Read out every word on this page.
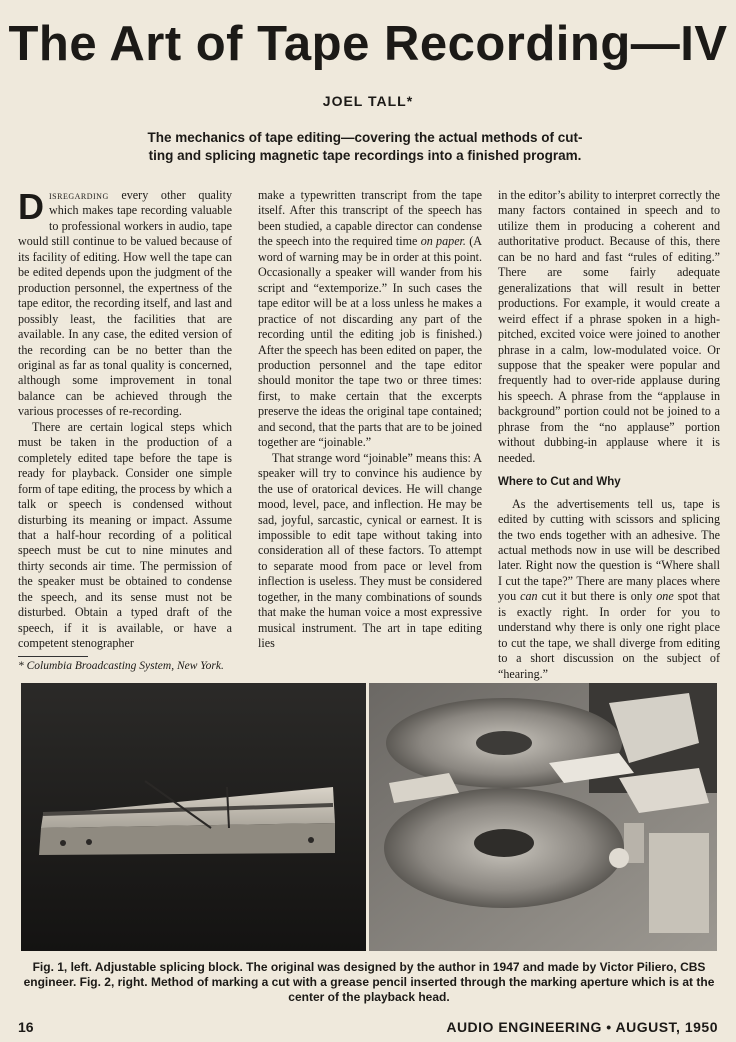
The Art of Tape Recording—IV
JOEL TALL*
The mechanics of tape editing—covering the actual methods of cut-
ting and splicing magnetic tape recordings into a finished program.

Disregarding every other quality which makes tape recording valuable to professional workers in audio, tape would still continue to be valued because of its facility of editing. How well the tape can be edited depends upon the judgment of the production personnel, the expertness of the tape editor, the recording itself, and last and possibly least, the facilities that are available. In any case, the edited version of the recording can be no better than the original as far as tonal quality is concerned, although some improvement in tonal balance can be achieved through the various processes of re-recording.

There are certain logical steps which must be taken in the production of a completely edited tape before the tape is ready for playback. Consider one simple form of tape editing, the process by which a talk or speech is condensed without disturbing its meaning or impact. Assume that a half-hour recording of a political speech must be cut to nine minutes and thirty seconds air time. The permission of the speaker must be obtained to condense the speech, and its sense must not be disturbed. Obtain a typed draft of the speech, if it is available, or have a competent stenographer

* Columbia Broadcasting System, New York.

make a typewritten transcript from the tape itself. After this transcript of the speech has been studied, a capable director can condense the speech into the required time on paper. (A word of warning may be in order at this point. Occasionally a speaker will wander from his script and “extemporize.” In such cases the tape editor will be at a loss unless he makes a practice of not discarding any part of the recording until the editing job is finished.) After the speech has been edited on paper, the production personnel and the tape editor should monitor the tape two or three times: first, to make certain that the excerpts preserve the ideas the original tape contained; and second, that the parts that are to be joined together are “joinable.”

That strange word “joinable” means this: A speaker will try to convince his audience by the use of oratorical devices. He will change mood, level, pace, and inflection. He may be sad, joyful, sarcastic, cynical or earnest. It is impossible to edit tape without taking into consideration all of these factors. To attempt to separate mood from pace or level from inflection is useless. They must be considered together, in the many combinations of sounds that make the human voice a most expressive musical instrument. The art in tape editing lies

in the editor’s ability to interpret correctly the many factors contained in speech and to utilize them in producing a coherent and authoritative product. Because of this, there can be no hard and fast “rules of editing.” There are some fairly adequate generalizations that will result in better productions. For example, it would create a weird effect if a phrase spoken in a high-pitched, excited voice were joined to another phrase in a calm, low-modulated voice. Or suppose that the speaker were popular and frequently had to over-ride applause during his speech. A phrase from the “applause in background” portion could not be joined to a phrase from the “no applause” portion without dubbing-in applause where it is needed.

Where to Cut and Why

As the advertisements tell us, tape is edited by cutting with scissors and splicing the two ends together with an adhesive. The actual methods now in use will be described later. Right now the question is “Where shall I cut the tape?” There are many places where you can cut it but there is only one spot that is exactly right. In order for you to understand why there is only one right place to cut the tape, we shall diverge from editing to a short discussion on the subject of “hearing.”

Fig. 1, left. Adjustable splicing block. The original was designed by the author in 1947 and made by Victor Piliero, CBS engineer. Fig. 2, right. Method of marking a cut with a grease pencil inserted through the marking aperture which is at the center of the playback head.
16	AUDIO ENGINEERING • AUGUST, 1950
